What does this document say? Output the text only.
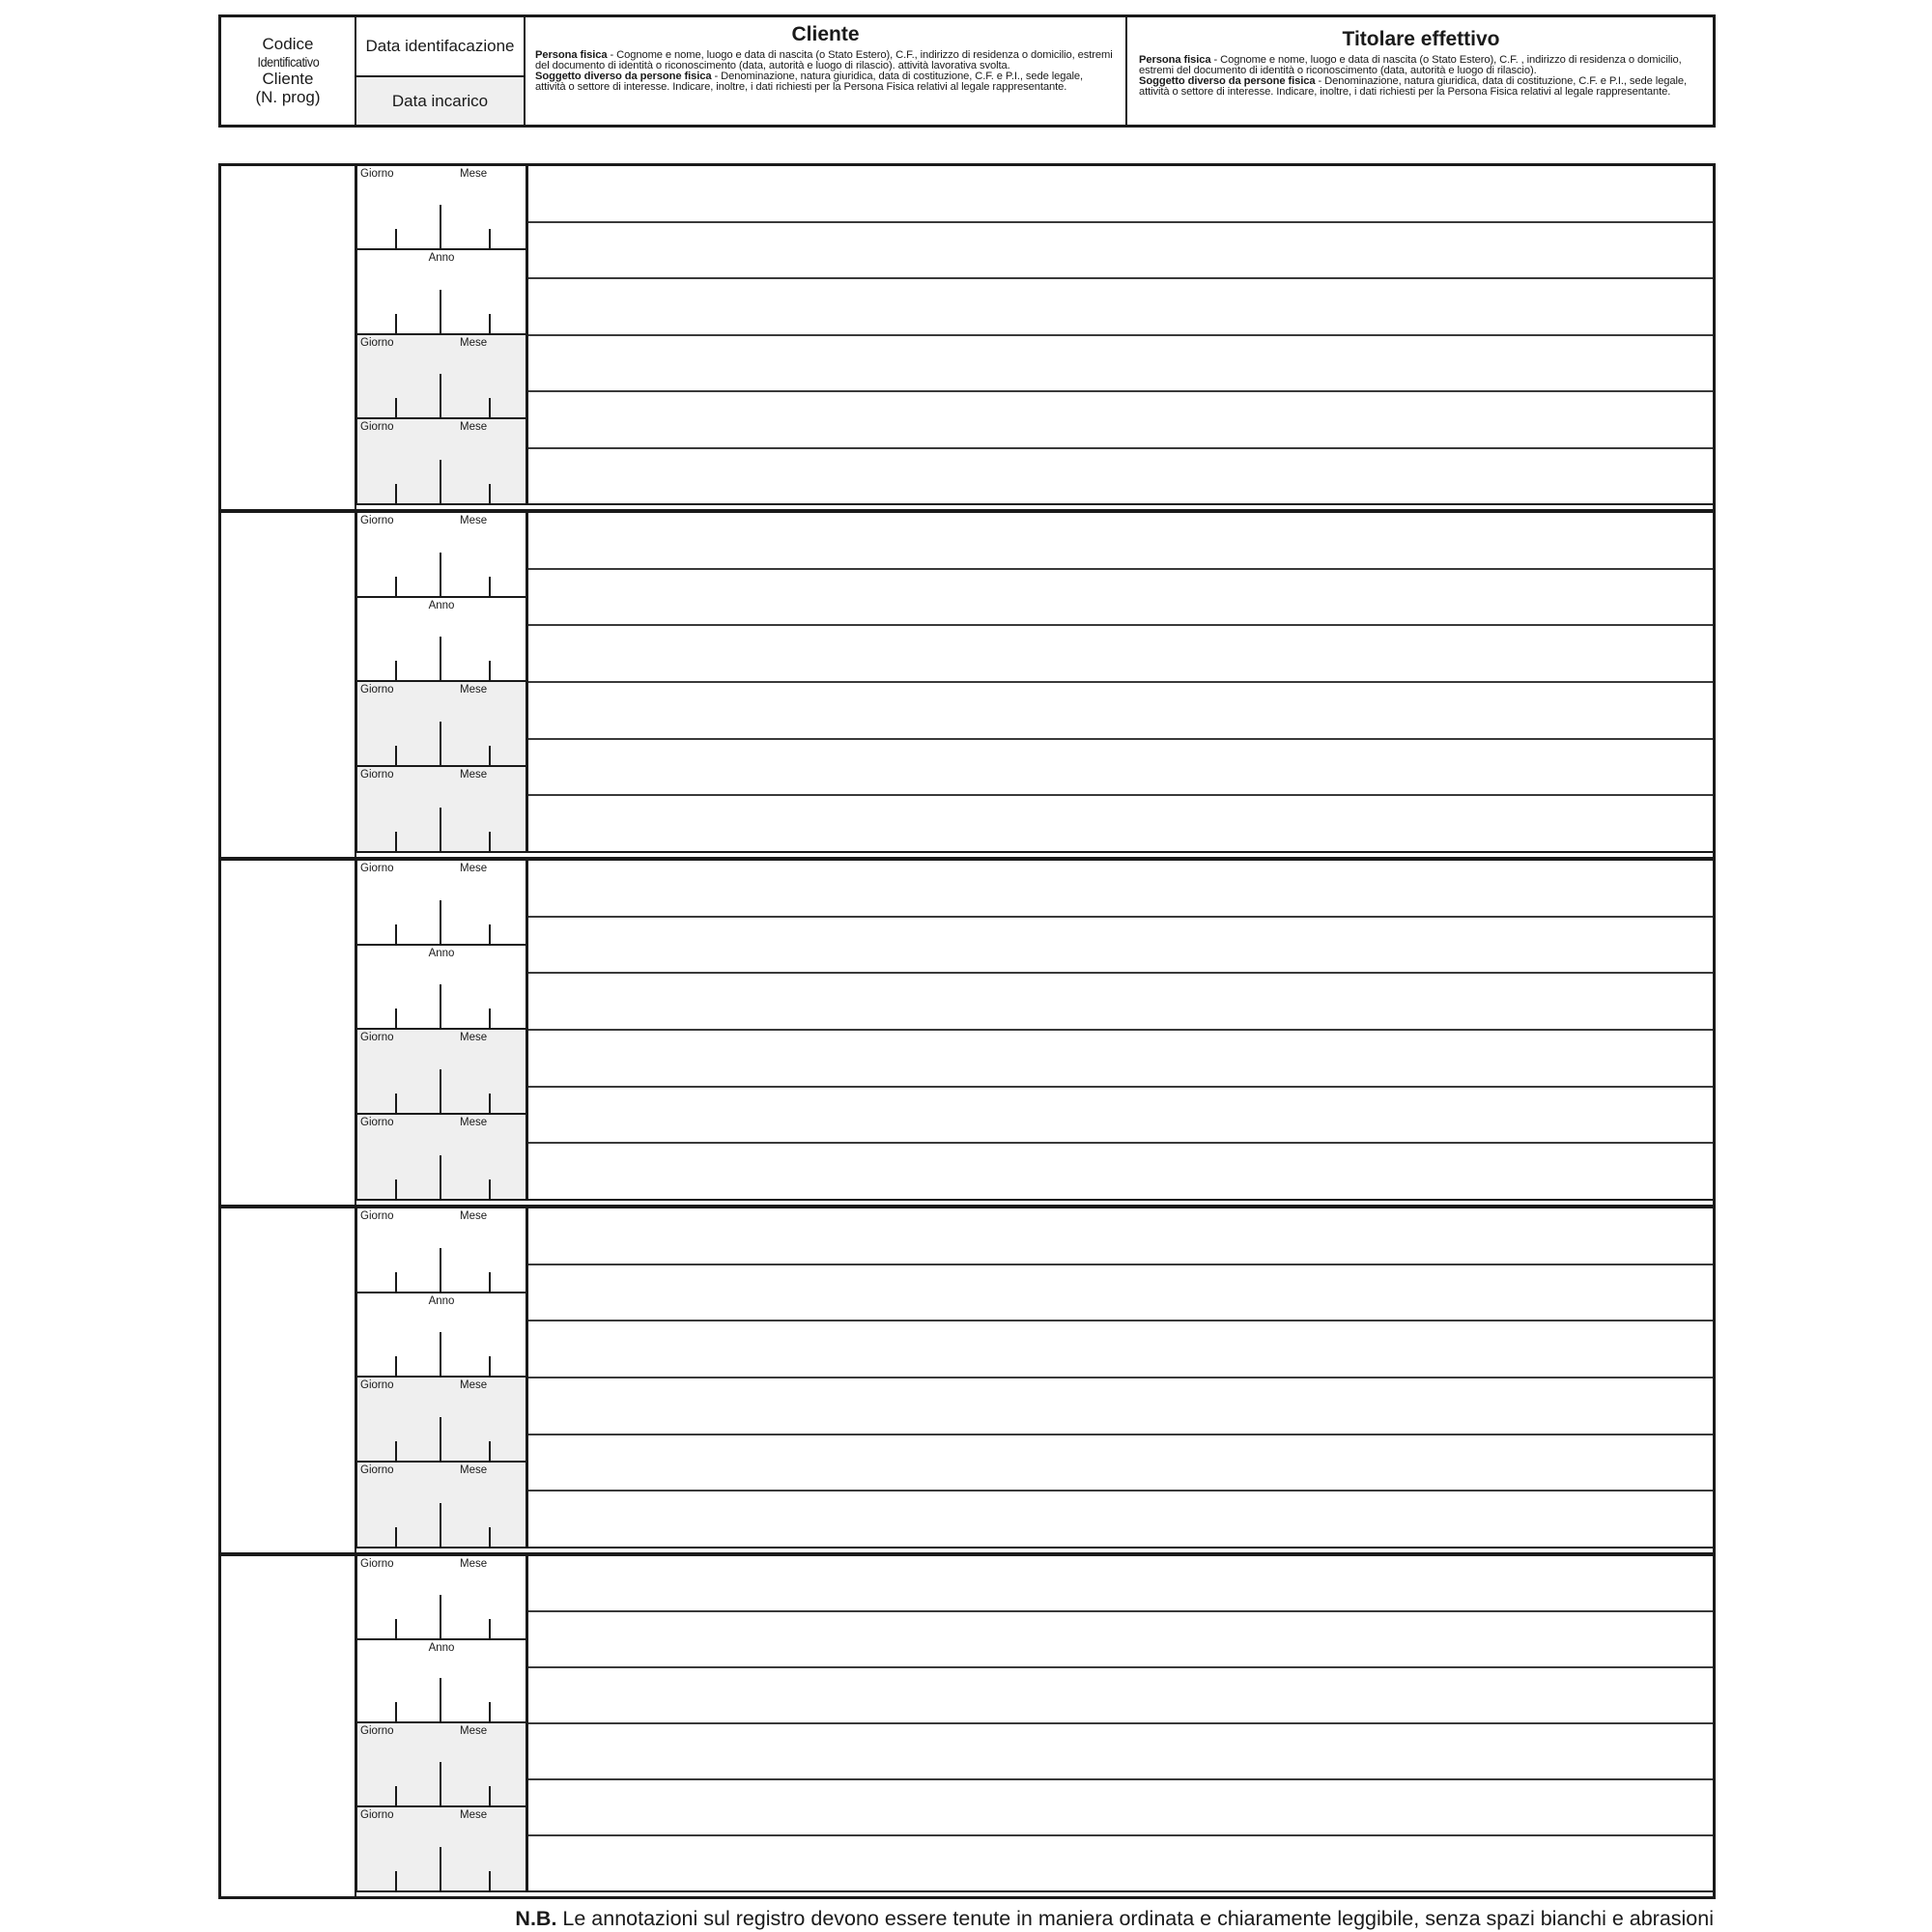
Codice
Identificativo
Cliente
(N. prog)
Data identifacazione
Data incarico
Cliente
Persona fisica - Cognome e nome, luogo e data di nascita (o Stato Estero), C.F., indirizzo di residenza o domicilio, estremi del documento di identità o riconoscimento (data, autorità e luogo di rilascio). attività lavorativa svolta.
Soggetto diverso da persone fisica - Denominazione, natura giuridica, data di costituzione, C.F. e P.I., sede legale, attività o settore di interesse. Indicare, inoltre, i dati richiesti per la Persona Fisica relativi al legale rappresentante.
Titolare effettivo
Persona fisica - Cognome e nome, luogo e data di nascita (o Stato Estero), C.F. , indirizzo di residenza o domicilio, estremi del documento di identità o riconoscimento (data, autorità e luogo di rilascio).
Soggetto diverso da persone fisica - Denominazione, natura giuridica, data di costituzione, C.F. e P.I., sede legale, attività o settore di interesse. Indicare, inoltre, i dati richiesti per la Persona Fisica relativi al legale rappresentante.
Giorno	Mese
Anno
Giorno	Mese
Giorno	Mese
Giorno	Mese
Anno
Giorno	Mese
Giorno	Mese
Giorno	Mese
Anno
Giorno	Mese
Giorno	Mese
Giorno	Mese
Anno
Giorno	Mese
Giorno	Mese
Giorno	Mese
Anno
Giorno	Mese
Giorno	Mese
N.B. Le annotazioni sul registro devono essere tenute in maniera ordinata e chiaramente leggibile, senza spazi bianchi e abrasioni
